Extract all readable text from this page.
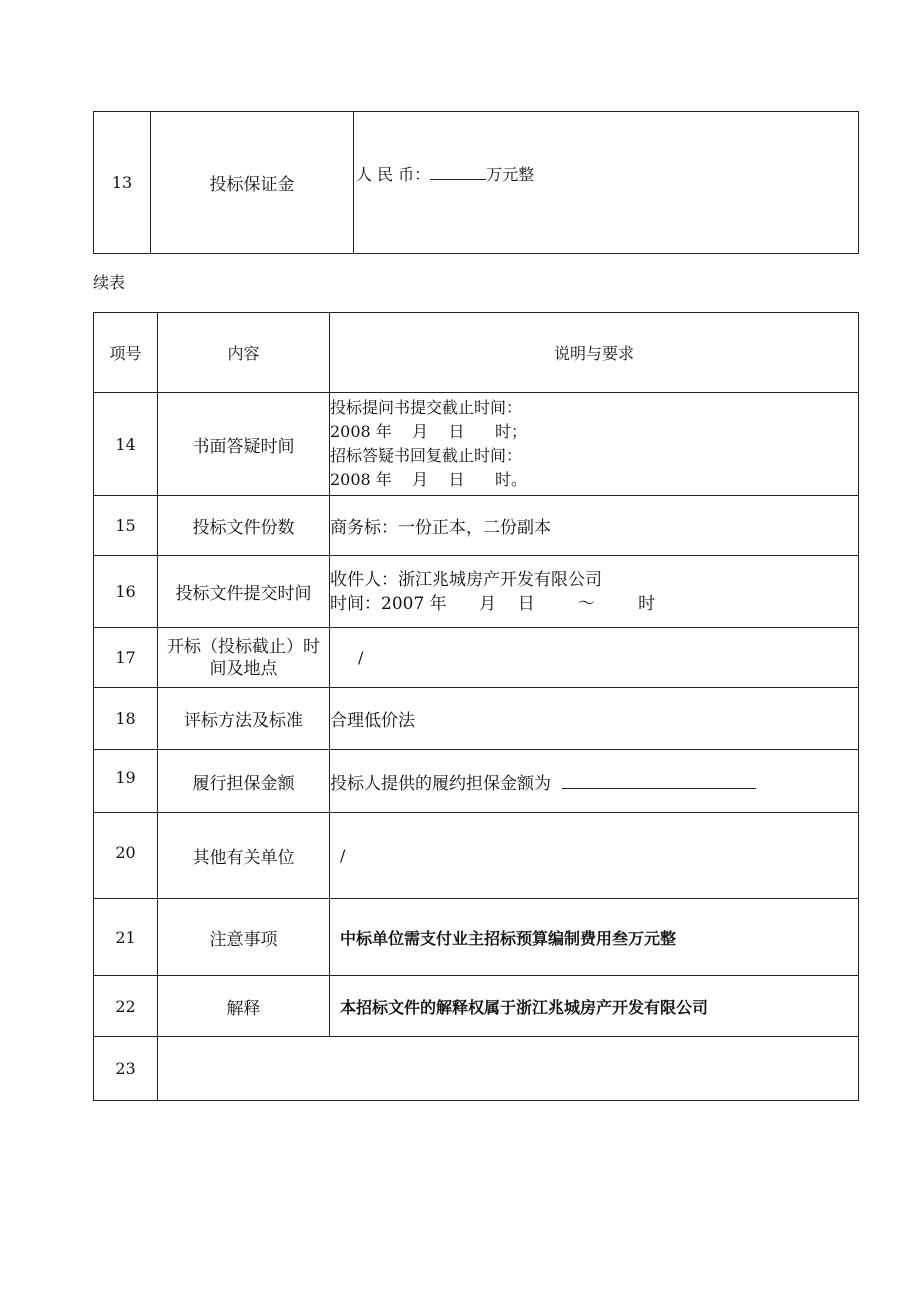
13	投标保证金	人 民 币：	万元整
续表
项号	内容	说明与要求
14	书面答疑时间	投标提问书提交截止时间：
2008 年    月    日      时；
招标答疑书回复截止时间：
2008 年    月    日      时。

15	投标文件份数	商务标：一份正本，二份副本
16	投标文件提交时间	收件人：浙江兆城房产开发有限公司
时间：2007 年      月    日        ～        时

17	开标（投标截止）时
间及地点	/
18	评标方法及标准	合理低价法
19	履行担保金额	投标人提供的履约担保金额为
20	其他有关单位	/
21	注意事项	中标单位需支付业主招标预算编制费用叁万元整
22	解释	本招标文件的解释权属于浙江兆城房产开发有限公司
23		
